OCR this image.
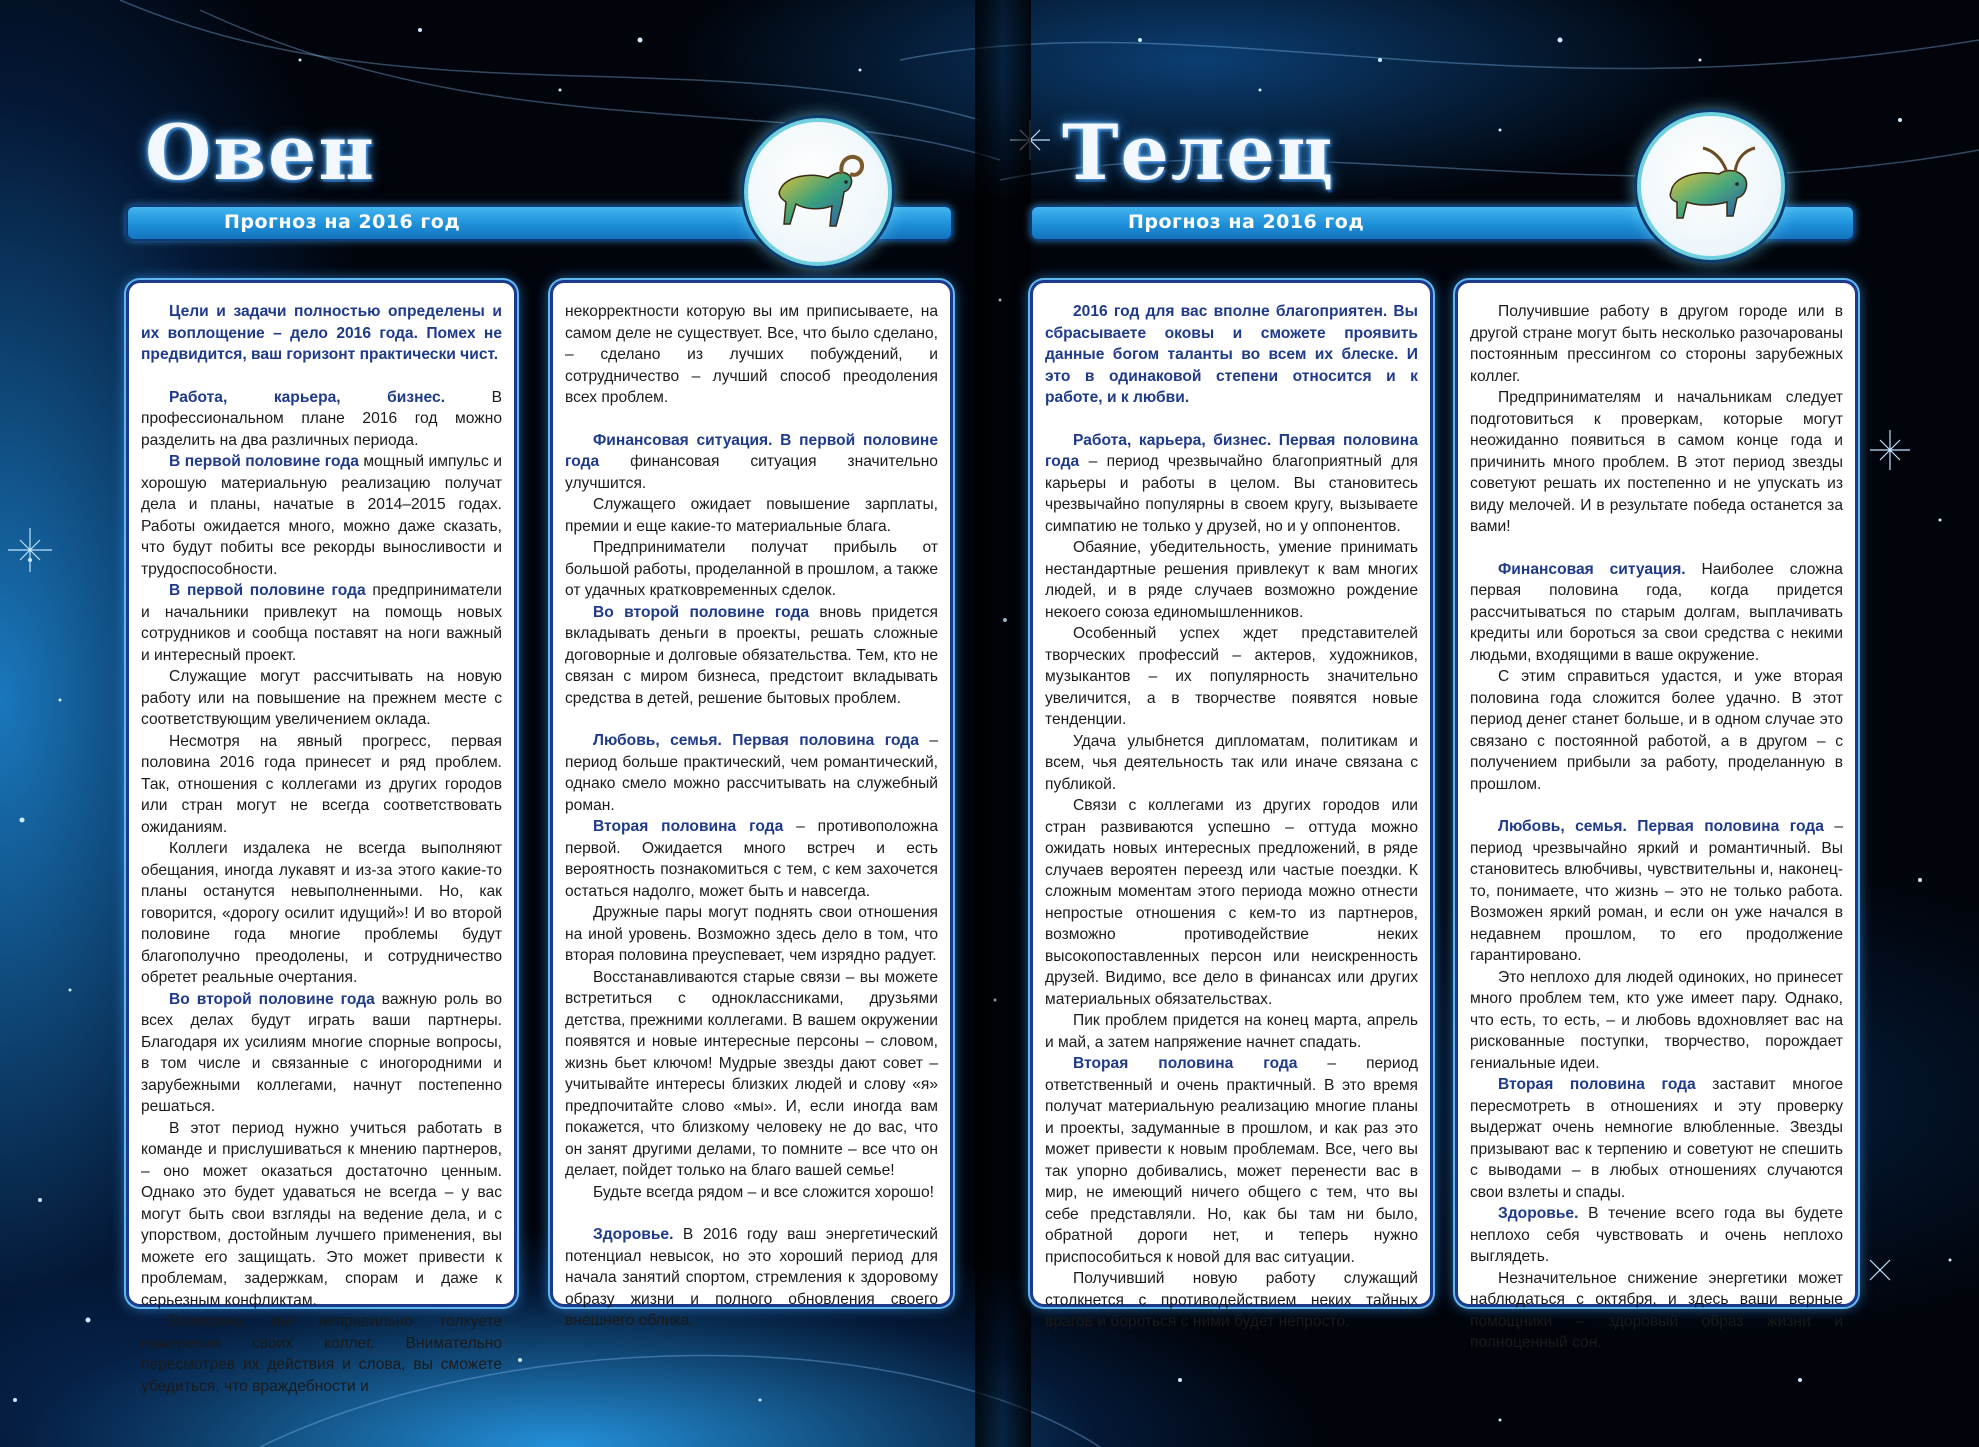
Овен
Прогноз на 2016 год

Цели и задачи полностью определены и их воплощение – дело 2016 года. Помех не предвидится, ваш горизонт практически чист.

Работа, карьера, бизнес. В профессиональном плане 2016 год можно разделить на два различных периода.

В первой половине года мощный импульс и хорошую материальную реализацию получат дела и планы, начатые в 2014–2015 годах. Работы ожидается много, можно даже сказать, что будут побиты все рекорды выносливости и трудоспособности.

В первой половине года предприниматели и начальники привлекут на помощь новых сотрудников и сообща поставят на ноги важный и интересный проект.

Служащие могут рассчитывать на новую работу или на повышение на прежнем месте с соответствующим увеличением оклада.

Несмотря на явный прогресс, первая половина 2016 года принесет и ряд проблем. Так, отношения с коллегами из других городов или стран могут не всегда соответствовать ожиданиям.

Коллеги издалека не всегда выполняют обещания, иногда лукавят и из-за этого какие-то планы останутся невыполненными. Но, как говорится, «дорогу осилит идущий»! И во второй половине года многие проблемы будут благополучно преодолены, и сотрудничество обретет реальные очертания.

Во второй половине года важную роль во всех делах будут играть ваши партнеры. Благодаря их усилиям многие спорные вопросы, в том числе и связанные с иногородними и зарубежными коллегами, начнут постепенно решаться.

В этот период нужно учиться работать в команде и прислушиваться к мнению партнеров, – оно может оказаться достаточно ценным. Однако это будет удаваться не всегда – у вас могут быть свои взгляды на ведение дела, и с упорством, достойным лучшего применения, вы можете его защищать. Это может привести к проблемам, задержкам, спорам и даже к серьезным конфликтам.

Возможно, вы неправильно толкуете намерения своих коллег. Внимательно пересмотрев их действия и слова, вы сможете убедиться, что враждебности и

некорректности которую вы им приписываете, на самом деле не существует. Все, что было сделано, – сделано из лучших побуждений, и сотрудничество – лучший способ преодоления всех проблем.

Финансовая ситуация. В первой половине года финансовая ситуация значительно улучшится.

Служащего ожидает повышение зарплаты, премии и еще какие-то материальные блага.

Предприниматели получат прибыль от большой работы, проделанной в прошлом, а также от удачных кратковременных сделок.

Во второй половине года вновь придется вкладывать деньги в проекты, решать сложные договорные и долговые обязательства. Тем, кто не связан с миром бизнеса, предстоит вкладывать средства в детей, решение бытовых проблем.

Любовь, семья. Первая половина года – период больше практический, чем романтический, однако смело можно рассчитывать на служебный роман.

Вторая половина года – противоположна первой. Ожидается много встреч и есть вероятность познакомиться с тем, с кем захочется остаться надолго, может быть и навсегда.

Дружные пары могут поднять свои отношения на иной уровень. Возможно здесь дело в том, что вторая половина преуспевает, чем изрядно радует.

Восстанавливаются старые связи – вы можете встретиться с одноклассниками, друзьями детства, прежними коллегами. В вашем окружении появятся и новые интересные персоны – словом, жизнь бьет ключом! Мудрые звезды дают совет – учитывайте интересы близких людей и слову «я» предпочитайте слово «мы». И, если иногда вам покажется, что близкому человеку не до вас, что он занят другими делами, то помните – все что он делает, пойдет только на благо вашей семье!

Будьте всегда рядом – и все сложится хорошо!

Здоровье. В 2016 году ваш энергетический потенциал невысок, но это хороший период для начала занятий спортом, стремления к здоровому образу жизни и полного обновления своего внешнего облика.

Телец
Прогноз на 2016 год

2016 год для вас вполне благоприятен. Вы сбрасываете оковы и сможете проявить данные богом таланты во всем их блеске. И это в одинаковой степени относится и к работе, и к любви.

Работа, карьера, бизнес. Первая половина года – период чрезвычайно благоприятный для карьеры и работы в целом. Вы становитесь чрезвычайно популярны в своем кругу, вызываете симпатию не только у друзей, но и у оппонентов.

Обаяние, убедительность, умение принимать нестандартные решения привлекут к вам многих людей, и в ряде случаев возможно рождение некоего союза единомышленников.

Особенный успех ждет представителей творческих профессий – актеров, художников, музыкантов – их популярность значительно увеличится, а в творчестве появятся новые тенденции.

Удача улыбнется дипломатам, политикам и всем, чья деятельность так или иначе связана с публикой.

Связи с коллегами из других городов или стран развиваются успешно – оттуда можно ожидать новых интересных предложений, в ряде случаев вероятен переезд или частые поездки. К сложным моментам этого периода можно отнести непростые отношения с кем-то из партнеров, возможно противодействие неких высокопоставленных персон или неискренность друзей. Видимо, все дело в финансах или других материальных обязательствах.

Пик проблем придется на конец марта, апрель и май, а затем напряжение начнет спадать.

Вторая половина года – период ответственный и очень практичный. В это время получат материальную реализацию многие планы и проекты, задуманные в прошлом, и как раз это может привести к новым проблемам. Все, чего вы так упорно добивались, может перенести вас в мир, не имеющий ничего общего с тем, что вы себе представляли. Но, как бы там ни было, обратной дороги нет, и теперь нужно приспособиться к новой для вас ситуации.

Получивший новую работу служащий столкнется с противодействием неких тайных врагов и бороться с ними будет непросто.

Получившие работу в другом городе или в другой стране могут быть несколько разочарованы постоянным прессингом со стороны зарубежных коллег.

Предпринимателям и начальникам следует подготовиться к проверкам, которые могут неожиданно появиться в самом конце года и причинить много проблем. В этот период звезды советуют решать их постепенно и не упускать из виду мелочей. И в результате победа останется за вами!

Финансовая ситуация. Наиболее сложна первая половина года, когда придется рассчитываться по старым долгам, выплачивать кредиты или бороться за свои средства с некими людьми, входящими в ваше окружение.

С этим справиться удастся, и уже вторая половина года сложится более удачно. В этот период денег станет больше, и в одном случае это связано с постоянной работой, а в другом – с получением прибыли за работу, проделанную в прошлом.

Любовь, семья. Первая половина года – период чрезвычайно яркий и романтичный. Вы становитесь влюбчивы, чувствительны и, наконец-то, понимаете, что жизнь – это не только работа. Возможен яркий роман, и если он уже начался в недавнем прошлом, то его продолжение гарантировано.

Это неплохо для людей одиноких, но принесет много проблем тем, кто уже имеет пару. Однако, что есть, то есть, – и любовь вдохновляет вас на рискованные поступки, творчество, порождает гениальные идеи.

Вторая половина года заставит многое пересмотреть в отношениях и эту проверку выдержат очень немногие влюбленные. Звезды призывают вас к терпению и советуют не спешить с выводами – в любых отношениях случаются свои взлеты и спады.

Здоровье. В течение всего года вы будете неплохо себя чувствовать и очень неплохо выглядеть.

Незначительное снижение энергетики может наблюдаться с октября, и здесь ваши верные помощники – здоровый образ жизни и полноценный сон.
